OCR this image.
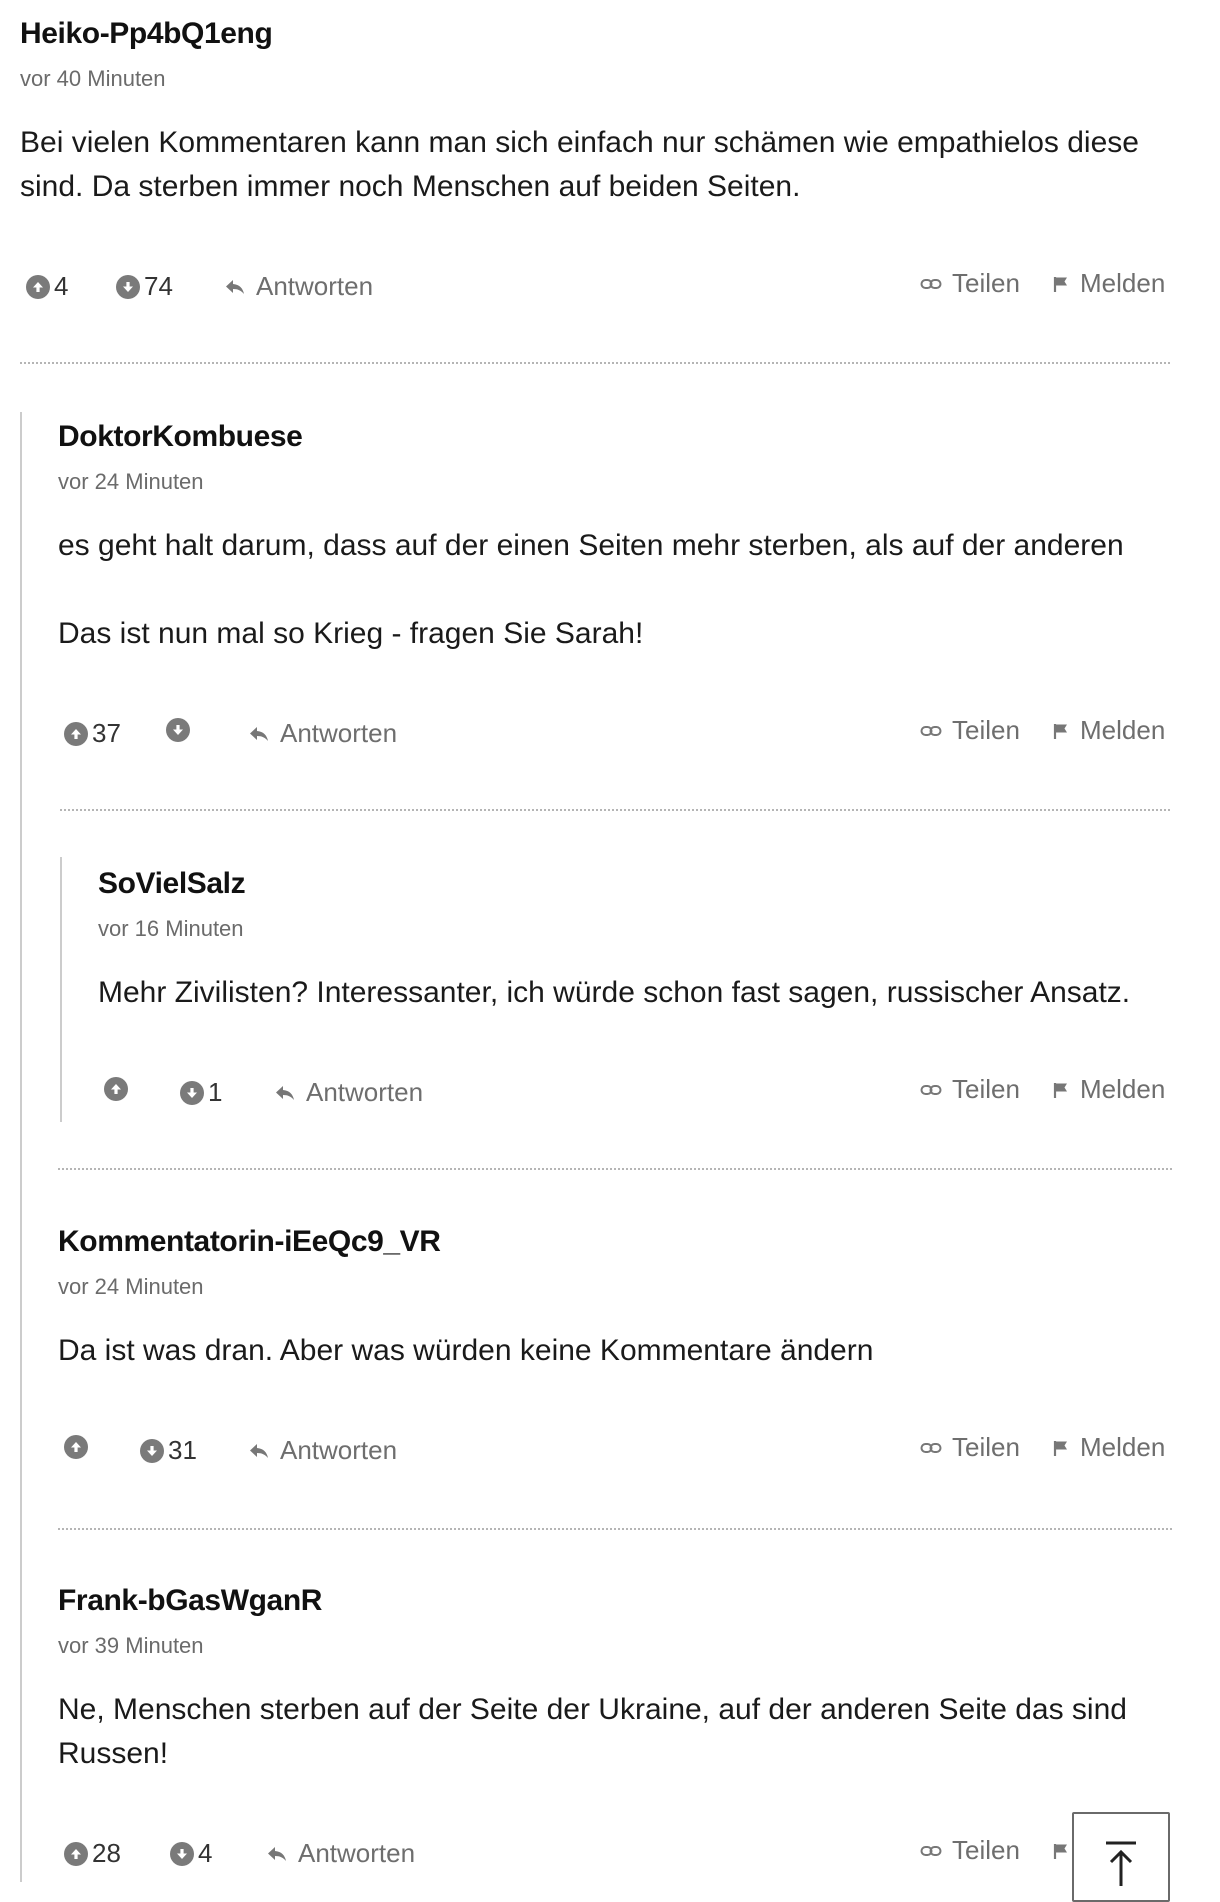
Heiko-Pp4bQ1eng
vor 40 Minuten

Bei vielen Kommentaren kann man sich einfach nur schämen wie empathielos diese sind. Da sterben immer noch Menschen auf beiden Seiten.

4	74	Antworten	Teilen Melden
DoktorKombuese
vor 24 Minuten

es geht halt darum, dass auf der einen Seiten mehr sterben, als auf der anderen

Das ist nun mal so Krieg - fragen Sie Sarah!

37	Antworten	Teilen Melden
SoVielSalz
vor 16 Minuten

Mehr Zivilisten? Interessanter, ich würde schon fast sagen, russischer Ansatz.

1	Antworten	Teilen Melden
Kommentatorin-iEeQc9_VR
vor 24 Minuten

Da ist was dran. Aber was würden keine Kommentare ändern

31	Antworten	Teilen Melden
Frank-bGasWganR
vor 39 Minuten

Ne, Menschen sterben auf der Seite der Ukraine, auf der anderen Seite das sind Russen!

28	4	Antworten	Teilen
